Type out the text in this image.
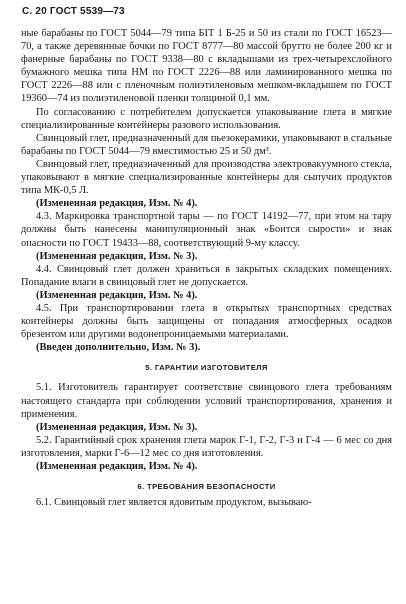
С. 20 ГОСТ 5539—73

ные барабаны по ГОСТ 5044—79 типа БIТ 1 Б-25 и 50 из стали по ГОСТ 16523—70, а также деревянные бочки по ГОСТ 8777—80 массой брутто не более 200 кг и фанерные барабаны по ГОСТ 9338—80 с вкладышами из трех-четырехслойного бумажного мешка типа НМ по ГОСТ 2226—88 или ламинированного мешка по ГОСТ 2226—88 или с пленочным полиэтиленовым мешком-вкладышем по ГОСТ 19360—74 из полиэтиленовой пленки толщиной 0,1 мм.

По согласованию с потребителем допускается упаковывание глета в мягкие специализированные контейнеры разового использования.

Свинцовый глет, предназначенный для пьезокерамики, упаковывают в стальные барабаны по ГОСТ 5044—79 вместимостью 25 и 50 дм³.

Свинцовый глет, предназначенный для производства электровакуумного стекла, упаковывают в мягкие специализированные контейнеры для сыпучих продуктов типа МК-0,5 Л.

(Измененная редакция, Изм. № 4).

4.3. Маркировка транспортной тары — по ГОСТ 14192—77, при этом на тару должны быть нанесены манипуляционный знак «Боится сырости» и знак опасности по ГОСТ 19433—88, соответствующий 9-му классу.

(Измененная редакция, Изм. № 3).

4.4. Свинцовый глет должен храниться в закрытых складских помещениях. Попадание влаги в свинцовый глет не допускается.

(Измененная редакция, Изм. № 4).

4.5. При транспортировании глета в открытых транспортных средствах контейнеры должны быть защищены от попадания атмосферных осадков брезентом или другими водонепроницаемыми материалами.

(Введен дополнительно, Изм. № 3).

5. ГАРАНТИИ ИЗГОТОВИТЕЛЯ

5.1. Изготовитель гарантирует соответствие свинцового глета требованиям настоящего стандарта при соблюдении условий транспортирования, хранения и применения.

(Измененная редакция, Изм. № 3).

5.2. Гарантийный срок хранения глета марок Г-1, Г-2, Г-3 и Г-4 — 6 мес со дня изготовления, марки Г-6—12 мес со дня изготовления.

(Измененная редакция, Изм. № 4).

6. ТРЕБОВАНИЯ БЕЗОПАСНОСТИ

6.1. Свинцовый глет является ядовитым продуктом, вызываю-
